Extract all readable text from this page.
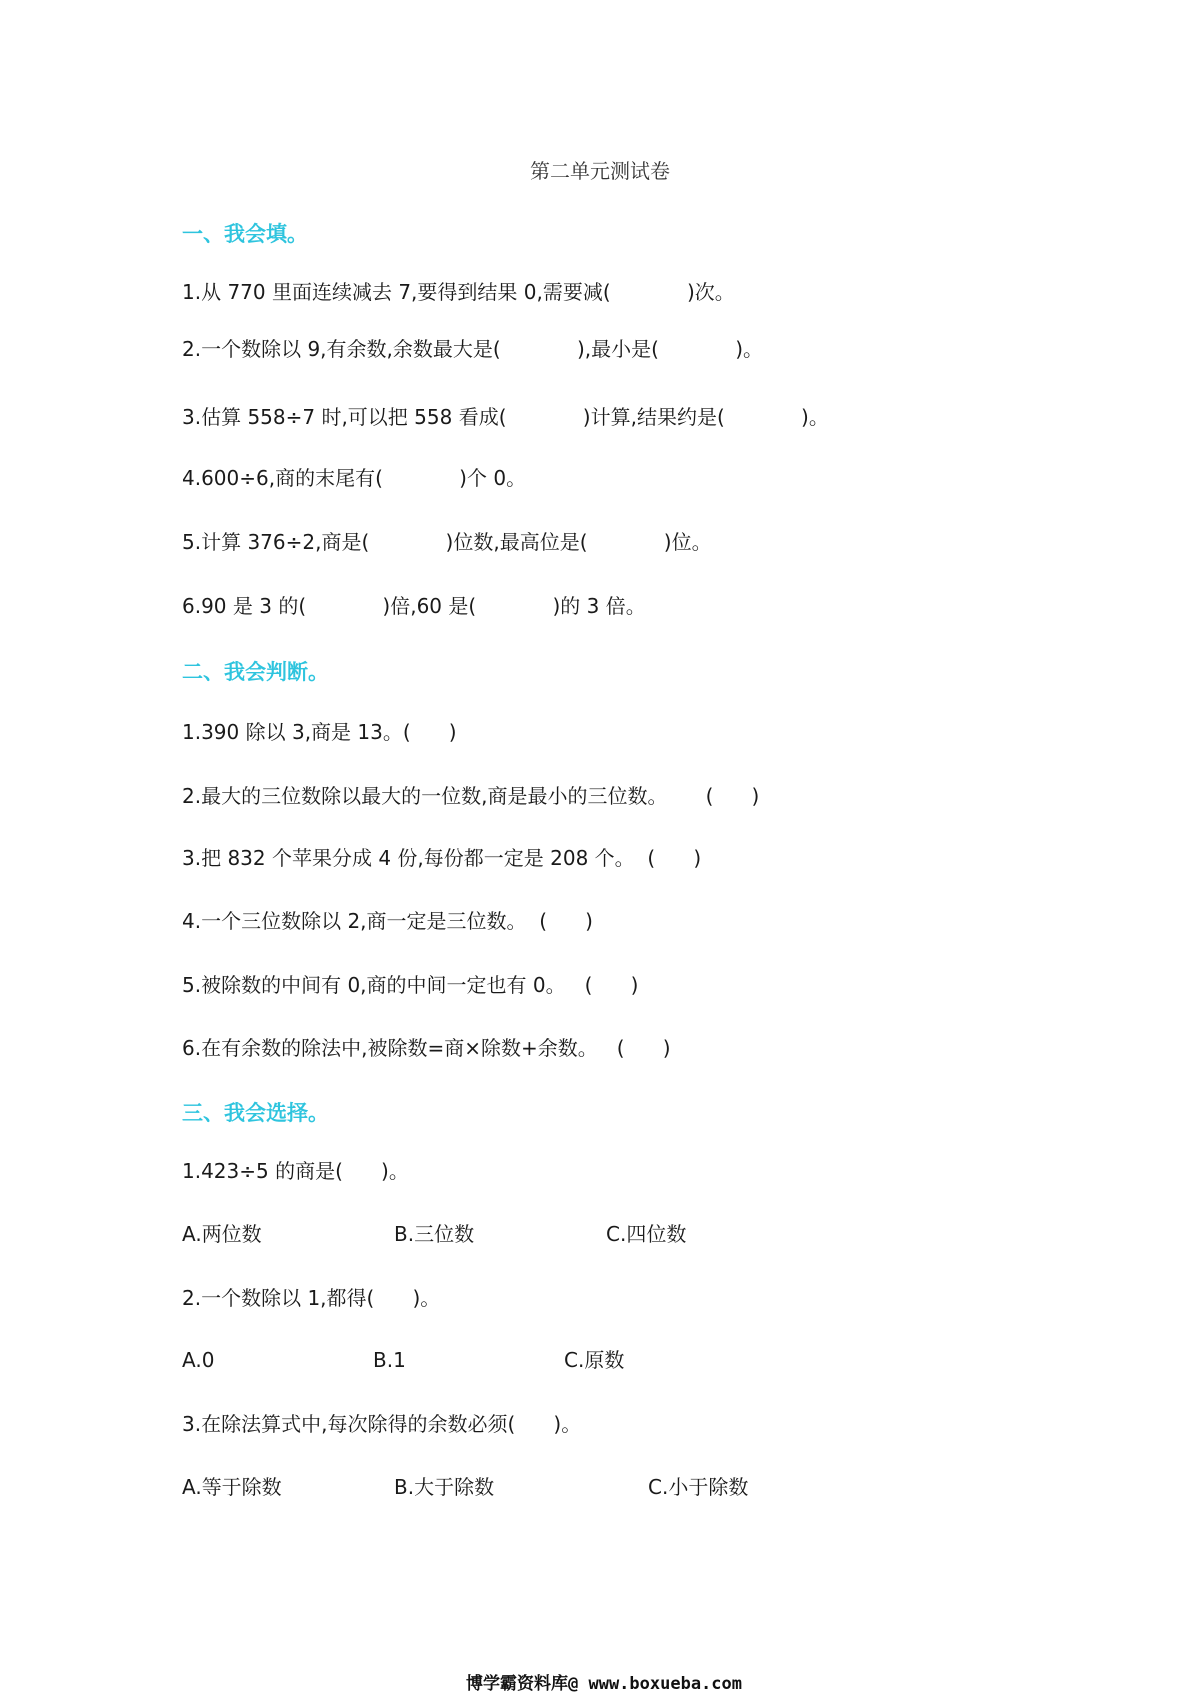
第二单元测试卷
一、我会填。
1.从 770 里面连续减去 7,要得到结果 0,需要减(            )次。
2.一个数除以 9,有余数,余数最大是(            ),最小是(            )。
3.估算 558÷7 时,可以把 558 看成(            )计算,结果约是(            )。
4.600÷6,商的末尾有(            )个 0。
5.计算 376÷2,商是(            )位数,最高位是(            )位。
6.90 是 3 的(            )倍,60 是(            )的 3 倍。
二、我会判断。
1.390 除以 3,商是 13。(      )
2.最大的三位数除以最大的一位数,商是最小的三位数。      (      )
3.把 832 个苹果分成 4 份,每份都一定是 208 个。  (      )
4.一个三位数除以 2,商一定是三位数。  (      )
5.被除数的中间有 0,商的中间一定也有 0。   (      )
6.在有余数的除法中,被除数=商×除数+余数。   (      )
三、我会选择。
1.423÷5 的商是(      )。
A.两位数	B.三位数	C.四位数
2.一个数除以 1,都得(      )。
A.0	B.1	C.原数
3.在除法算式中,每次除得的余数必须(      )。
A.等于除数	B.大于除数	C.小于除数
博学霸资料库@ www.boxueba.com
